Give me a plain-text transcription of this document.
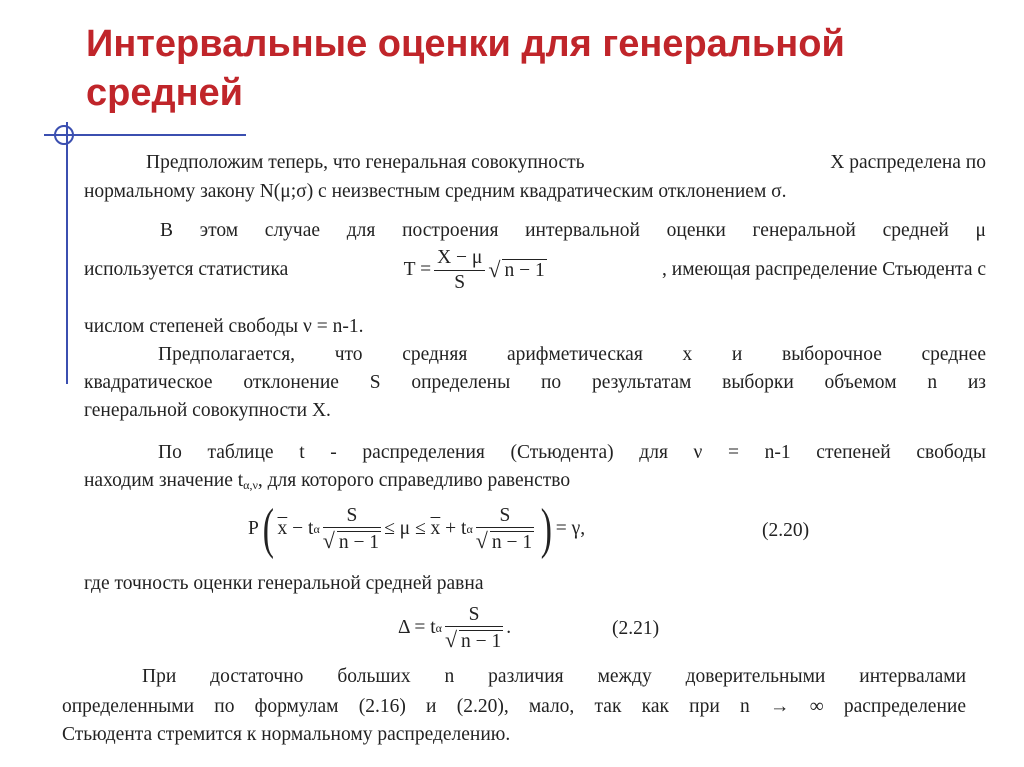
Интервальные оценки для генеральной средней
Предположим теперь, что генеральная совокупность	X распределена по
нормальному закону N(μ;σ) с неизвестным средним квадратическим отклонением σ.
В этом случае для построения интервальной оценки генеральной средней μ
используется статистика	$T = \frac{X - \mu}{S}$ √ n − 1	, имеющая распределение Стьюдента с
числом степеней свободы ν = n-1.
Предполагается, что средняя арифметическая x и выборочное среднее
квадратическое отклонение S определены по результатам выборки объемом n из
генеральной совокупности X.
По таблице t - распределения (Стьюдента) для ν = n-1 степеней свободы
находим значение $t_{\alpha,\nu}$, для которого справедливо равенство
P ( $\overline{x}$
− t α $\frac{S}{√ n - 1} \le \mu$ ≤
$\overline{x}$
+ t α $\frac{S}{√ n - 1}$ ) = γ,	(2.20)
где точность оценки генеральной средней равна
Δ = t α $\frac{S}{√ n - 1}$ .	(2.21)
При достаточно больших n различия между доверительными интервалами
определенными по формулам (2.16) и (2.20), мало, так как при n → ∞ распределение
Стьюдента стремится к нормальному распределению.
